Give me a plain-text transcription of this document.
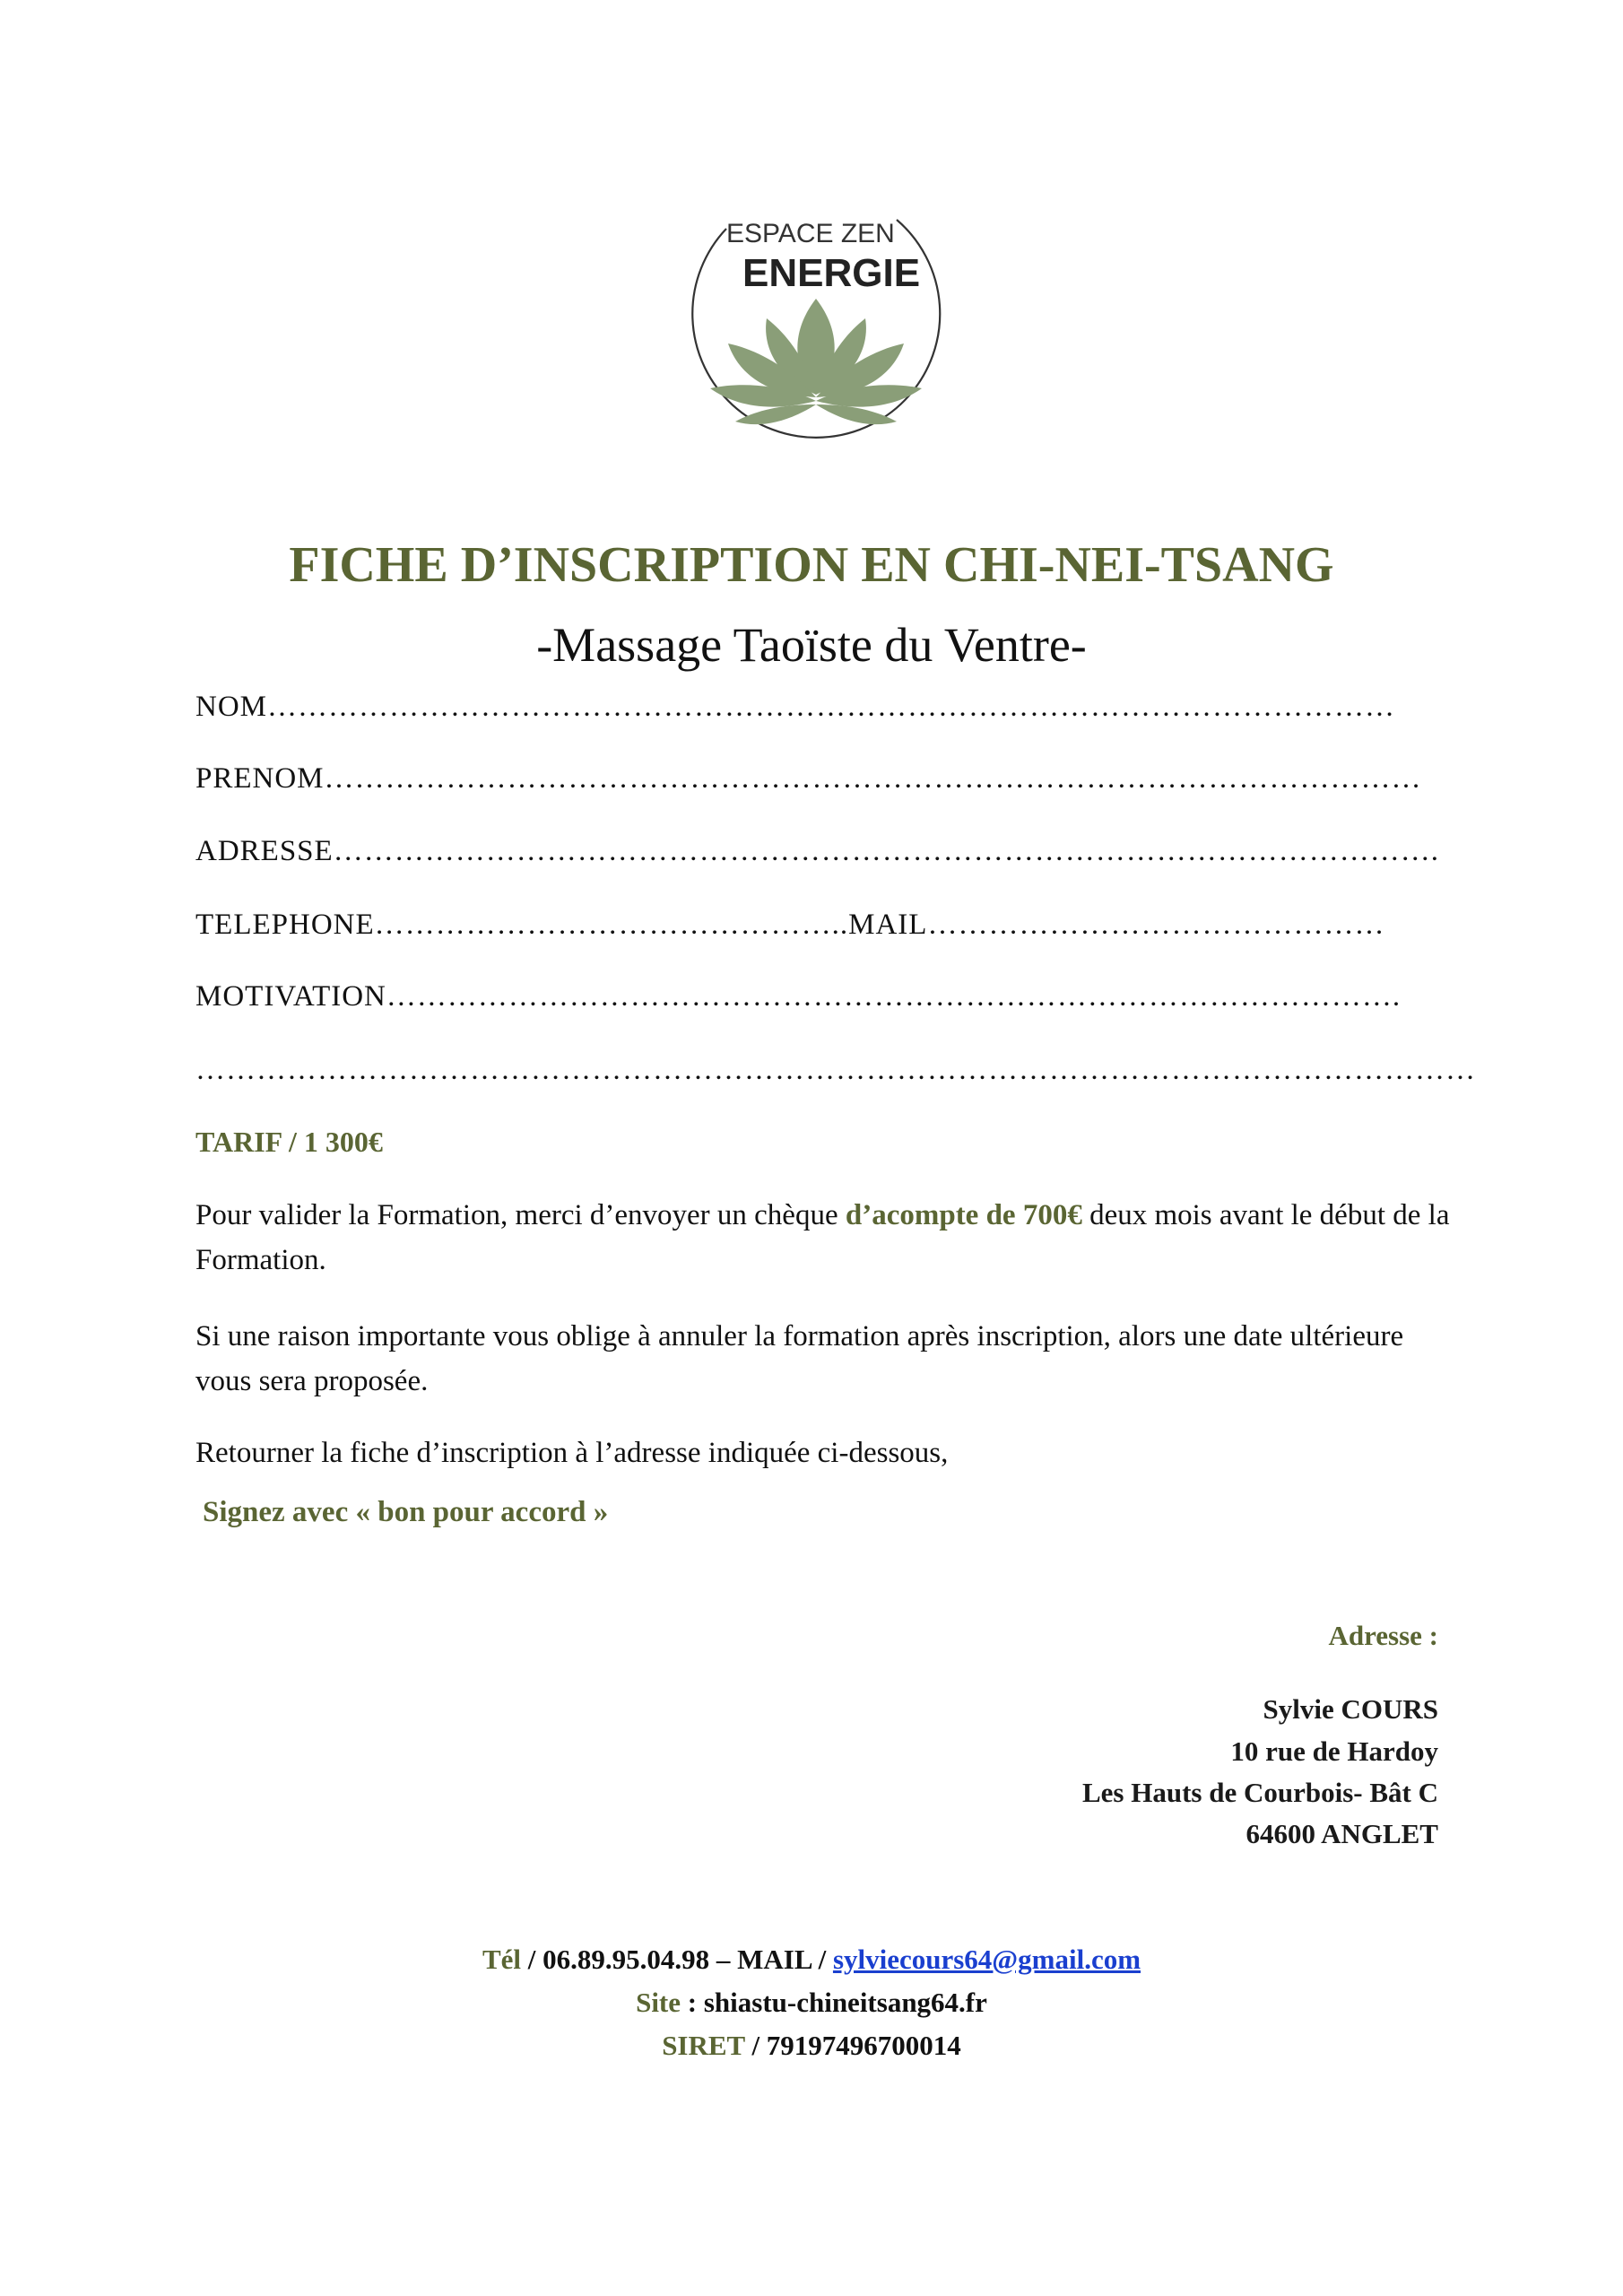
ESPACE ZEN
ENERGIE
FICHE D’INSCRIPTION EN CHI-NEI-TSANG
-Massage Taoïste du Ventre-
NOM…………………………………………………………………………………………………
PRENOM………………………………………………………………………………………………
ADRESSE……………………………………………………………………………………………….
TELEPHONE………………………………………..MAIL………………………………………
MOTIVATION……………………………………………………………………………………….
………………………………………………………………………………………………………………
TARIF / 1 300€
Pour valider la Formation, merci d’envoyer un chèque d’acompte de 700€ deux mois avant le début de la Formation.
Si une raison importante vous oblige à annuler la formation après inscription, alors une date ultérieure vous sera proposée.
Retourner la fiche d’inscription à l’adresse indiquée ci-dessous,
Signez avec « bon pour accord »
Adresse :
Sylvie COURS
10 rue de Hardoy
Les Hauts de Courbois- Bât C
64600 ANGLET
Tél / 06.89.95.04.98 – MAIL / sylviecours64@gmail.com
Site : shiastu-chineitsang64.fr
SIRET / 79197496700014
